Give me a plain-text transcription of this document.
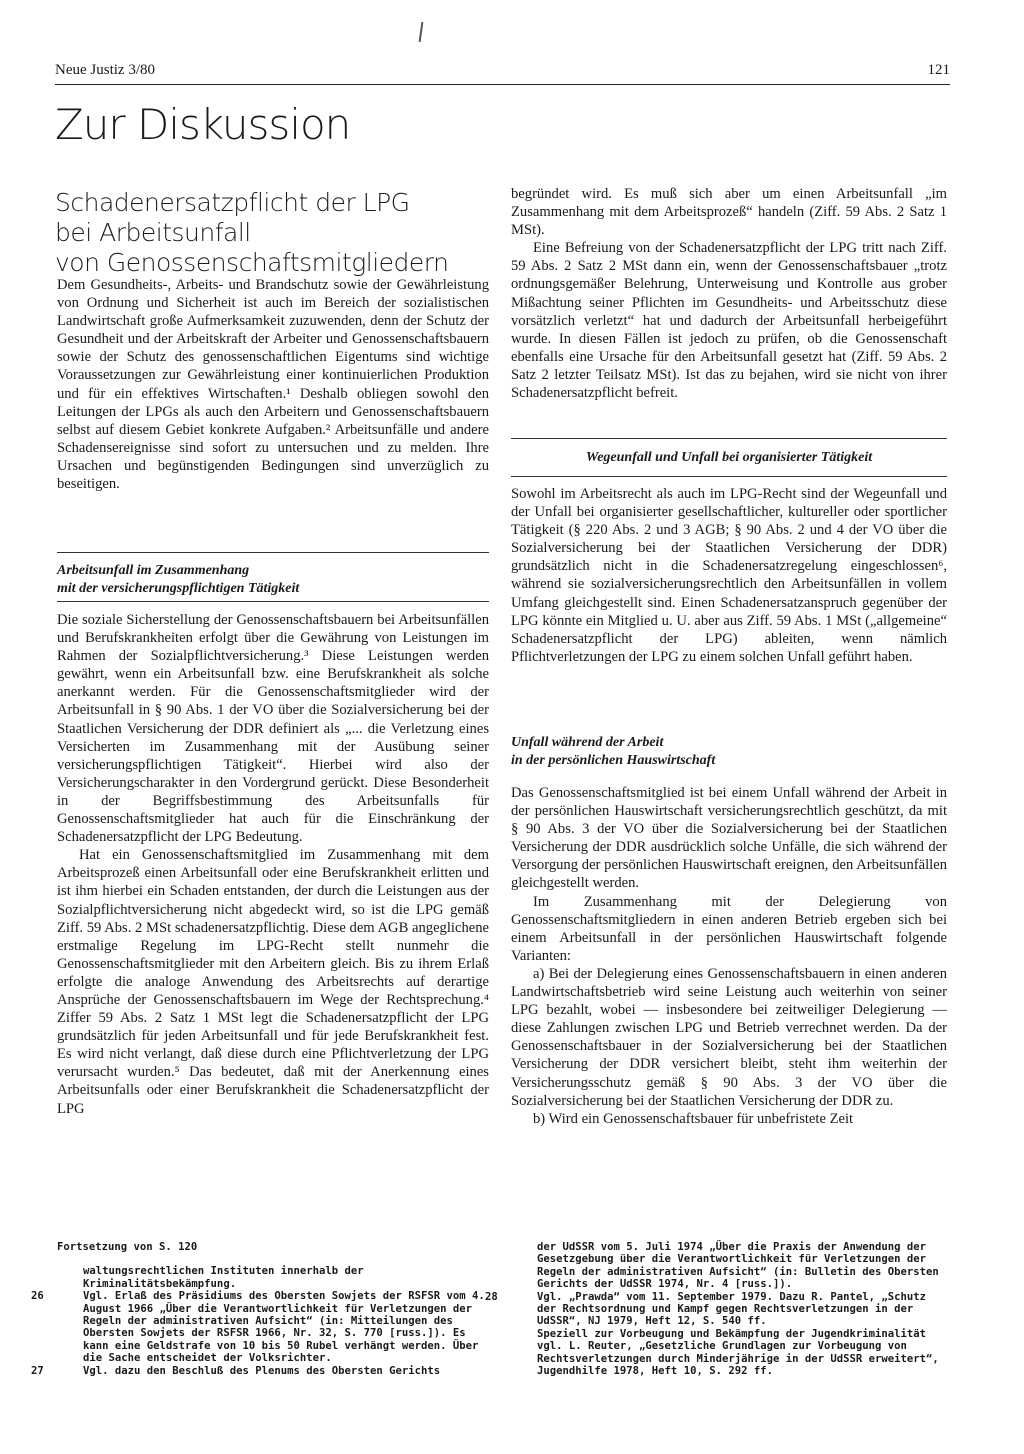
Neue Justiz 3/80	121
Zur Diskussion
Schadenersatzpflicht der LPG
bei Arbeitsunfall
von Genossenschaftsmitgliedern

Dem Gesundheits-, Arbeits- und Brandschutz sowie der Gewährleistung von Ordnung und Sicherheit ist auch im Bereich der sozialistischen Landwirtschaft große Aufmerksamkeit zuzuwenden, denn der Schutz der Gesundheit und der Arbeitskraft der Arbeiter und Genossenschaftsbauern sowie der Schutz des genossenschaftlichen Eigentums sind wichtige Voraussetzungen zur Gewährleistung einer kontinuierlichen Produktion und für ein effektives Wirtschaften.¹ Deshalb obliegen sowohl den Leitungen der LPGs als auch den Arbeitern und Genossenschaftsbauern selbst auf diesem Gebiet konkrete Aufgaben.² Arbeitsunfälle und andere Schadensereignisse sind sofort zu untersuchen und zu melden. Ihre Ursachen und begünstigenden Bedingungen sind unverzüglich zu beseitigen.

Arbeitsunfall im Zusammenhang

mit der versicherungspflichtigen Tätigkeit

Die soziale Sicherstellung der Genossenschaftsbauern bei Arbeitsunfällen und Berufskrankheiten erfolgt über die Gewährung von Leistungen im Rahmen der Sozialpflichtversicherung.³ Diese Leistungen werden gewährt, wenn ein Arbeitsunfall bzw. eine Berufskrankheit als solche anerkannt werden. Für die Genossenschaftsmitglieder wird der Arbeitsunfall in § 90 Abs. 1 der VO über die Sozialversicherung bei der Staatlichen Versicherung der DDR definiert als „... die Verletzung eines Versicherten im Zusammenhang mit der Ausübung seiner versicherungspflichtigen Tätigkeit“. Hierbei wird also der Versicherungscharakter in den Vordergrund gerückt. Diese Besonderheit in der Begriffsbestimmung des Arbeitsunfalls für Genossenschaftsmitglieder hat auch für die Einschränkung der Schadenersatzpflicht der LPG Bedeutung.

Hat ein Genossenschaftsmitglied im Zusammenhang mit dem Arbeitsprozeß einen Arbeitsunfall oder eine Berufskrankheit erlitten und ist ihm hierbei ein Schaden entstanden, der durch die Leistungen aus der Sozialpflichtversicherung nicht abgedeckt wird, so ist die LPG gemäß Ziff. 59 Abs. 2 MSt schadenersatzpflichtig. Diese dem AGB angeglichene erstmalige Regelung im LPG-Recht stellt nunmehr die Genossenschaftsmitglieder mit den Arbeitern gleich. Bis zu ihrem Erlaß erfolgte die analoge Anwendung des Arbeitsrechts auf derartige Ansprüche der Genossenschaftsbauern im Wege der Rechtsprechung.⁴ Ziffer 59 Abs. 2 Satz 1 MSt legt die Schadenersatzpflicht der LPG grundsätzlich für jeden Arbeitsunfall und für jede Berufskrankheit fest. Es wird nicht verlangt, daß diese durch eine Pflichtverletzung der LPG verursacht wurden.⁵ Das bedeutet, daß mit der Anerkennung eines Arbeitsunfalls oder einer Berufskrankheit die Schadenersatzpflicht der LPG

begründet wird. Es muß sich aber um einen Arbeitsunfall „im Zusammenhang mit dem Arbeitsprozeß“ handeln (Ziff. 59 Abs. 2 Satz 1 MSt).

Eine Befreiung von der Schadenersatzpflicht der LPG tritt nach Ziff. 59 Abs. 2 Satz 2 MSt dann ein, wenn der Genossenschaftsbauer „trotz ordnungsgemäßer Belehrung, Unterweisung und Kontrolle aus grober Mißachtung seiner Pflichten im Gesundheits- und Arbeitsschutz diese vorsätzlich verletzt“ hat und dadurch der Arbeitsunfall herbeigeführt wurde. In diesen Fällen ist jedoch zu prüfen, ob die Genossenschaft ebenfalls eine Ursache für den Arbeitsunfall gesetzt hat (Ziff. 59 Abs. 2 Satz 2 letzter Teilsatz MSt). Ist das zu bejahen, wird sie nicht von ihrer Schadenersatzpflicht befreit.

Wegeunfall und Unfall bei organisierter Tätigkeit

Sowohl im Arbeitsrecht als auch im LPG-Recht sind der Wegeunfall und der Unfall bei organisierter gesellschaftlicher, kultureller oder sportlicher Tätigkeit (§ 220 Abs. 2 und 3 AGB; § 90 Abs. 2 und 4 der VO über die Sozialversicherung bei der Staatlichen Versicherung der DDR) grundsätzlich nicht in die Schadenersatzregelung eingeschlossen⁶, während sie sozialversicherungsrechtlich den Arbeitsunfällen in vollem Umfang gleichgestellt sind. Einen Schadenersatzanspruch gegenüber der LPG könnte ein Mitglied u. U. aber aus Ziff. 59 Abs. 1 MSt („allgemeine“ Schadenersatzpflicht der LPG) ableiten, wenn nämlich Pflichtverletzungen der LPG zu einem solchen Unfall geführt haben.

Unfall während der Arbeit

in der persönlichen Hauswirtschaft

Das Genossenschaftsmitglied ist bei einem Unfall während der Arbeit in der persönlichen Hauswirtschaft versicherungsrechtlich geschützt, da mit § 90 Abs. 3 der VO über die Sozialversicherung bei der Staatlichen Versicherung der DDR ausdrücklich solche Unfälle, die sich während der Versorgung der persönlichen Hauswirtschaft ereignen, den Arbeitsunfällen gleichgestellt werden.

Im Zusammenhang mit der Delegierung von Genossenschaftsmitgliedern in einen anderen Betrieb ergeben sich bei einem Arbeitsunfall in der persönlichen Hauswirtschaft folgende Varianten:

a) Bei der Delegierung eines Genossenschaftsbauern in einen anderen Landwirtschaftsbetrieb wird seine Leistung auch weiterhin von seiner LPG bezahlt, wobei — insbesondere bei zeitweiliger Delegierung — diese Zahlungen zwischen LPG und Betrieb verrechnet werden. Da der Genossenschaftsbauer in der Sozialversicherung bei der Staatlichen Versicherung der DDR versichert bleibt, steht ihm weiterhin der Versicherungsschutz gemäß § 90 Abs. 3 der VO über die Sozialversicherung bei der Staatlichen Versicherung der DDR zu.

b) Wird ein Genossenschaftsbauer für unbefristete Zeit

Fortsetzung von S. 120

waltungsrechtlichen Instituten innerhalb der Kriminalitätsbekämpfung.

26	Vgl. Erlaß des Präsidiums des Obersten Sowjets der RSFSR vom 4. August 1966 „Über die Verantwortlichkeit für Verletzungen der Regeln der administrativen Aufsicht“ (in: Mitteilungen des Obersten Sowjets der RSFSR 1966, Nr. 32, S. 770 [russ.]). Es kann eine Geldstrafe von 10 bis 50 Rubel verhängt werden. Über die Sache entscheidet der Volksrichter.

27	Vgl. dazu den Beschluß des Plenums des Obersten Gerichts

der UdSSR vom 5. Juli 1974 „Über die Praxis der Anwendung der Gesetzgebung über die Verantwortlichkeit für Verletzungen der Regeln der administrativen Aufsicht“ (in: Bulletin des Obersten Gerichts der UdSSR 1974, Nr. 4 [russ.]).

28	Vgl. „Prawda“ vom 11. September 1979. Dazu R. Pantel, „Schutz der Rechtsordnung und Kampf gegen Rechtsverletzungen in der UdSSR“, NJ 1979, Heft 12, S. 540 ff.

Speziell zur Vorbeugung und Bekämpfung der Jugendkriminalität vgl. L. Reuter, „Gesetzliche Grundlagen zur Vorbeugung von Rechtsverletzungen durch Minderjährige in der UdSSR erweitert“, Jugendhilfe 1978, Heft 10, S. 292 ff.
